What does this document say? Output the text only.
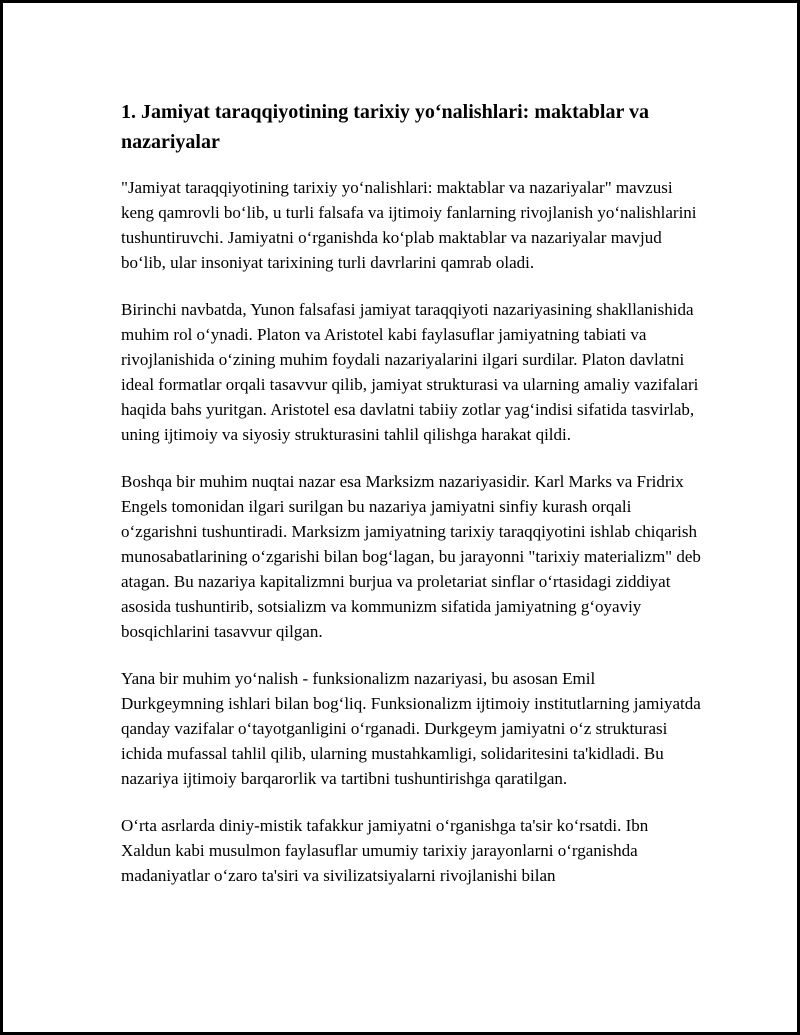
1. Jamiyat taraqqiyotining tarixiy yo‘nalishlari: maktablar va nazariyalar

"Jamiyat taraqqiyotining tarixiy yo‘nalishlari: maktablar va nazariyalar" mavzusi keng qamrovli bo‘lib, u turli falsafa va ijtimoiy fanlarning rivojlanish yo‘nalishlarini tushuntiruvchi. Jamiyatni o‘rganishda ko‘plab maktablar va nazariyalar mavjud bo‘lib, ular insoniyat tarixining turli davrlarini qamrab oladi.

Birinchi navbatda, Yunon falsafasi jamiyat taraqqiyoti nazariyasining shakllanishida muhim rol o‘ynadi. Platon va Aristotel kabi faylasuflar jamiyatning tabiati va rivojlanishida o‘zining muhim foydali nazariyalarini ilgari surdilar. Platon davlatni ideal formatlar orqali tasavvur qilib, jamiyat strukturasi va ularning amaliy vazifalari haqida bahs yuritgan. Aristotel esa davlatni tabiiy zotlar yag‘indisi sifatida tasvirlab, uning ijtimoiy va siyosiy strukturasini tahlil qilishga harakat qildi.

Boshqa bir muhim nuqtai nazar esa Marksizm nazariyasidir. Karl Marks va Fridrix Engels tomonidan ilgari surilgan bu nazariya jamiyatni sinfiy kurash orqali o‘zgarishni tushuntiradi. Marksizm jamiyatning tarixiy taraqqiyotini ishlab chiqarish munosabatlarining o‘zgarishi bilan bog‘lagan, bu jarayonni "tarixiy materializm" deb atagan. Bu nazariya kapitalizmni burjua va proletariat sinflar o‘rtasidagi ziddiyat asosida tushuntirib, sotsializm va kommunizm sifatida jamiyatning g‘oyaviy bosqichlarini tasavvur qilgan.

Yana bir muhim yo‘nalish - funksionalizm nazariyasi, bu asosan Emil Durkgeymning ishlari bilan bog‘liq. Funksionalizm ijtimoiy institutlarning jamiyatda qanday vazifalar o‘tayotganligini o‘rganadi. Durkgeym jamiyatni o‘z strukturasi ichida mufassal tahlil qilib, ularning mustahkamligi, solidaritesini ta'kidladi. Bu nazariya ijtimoiy barqarorlik va tartibni tushuntirishga qaratilgan.

O‘rta asrlarda diniy-mistik tafakkur jamiyatni o‘rganishga ta'sir ko‘rsatdi. Ibn Xaldun kabi musulmon faylasuflar umumiy tarixiy jarayonlarni o‘rganishda madaniyatlar o‘zaro ta'siri va sivilizatsiyalarni rivojlanishi bilan
